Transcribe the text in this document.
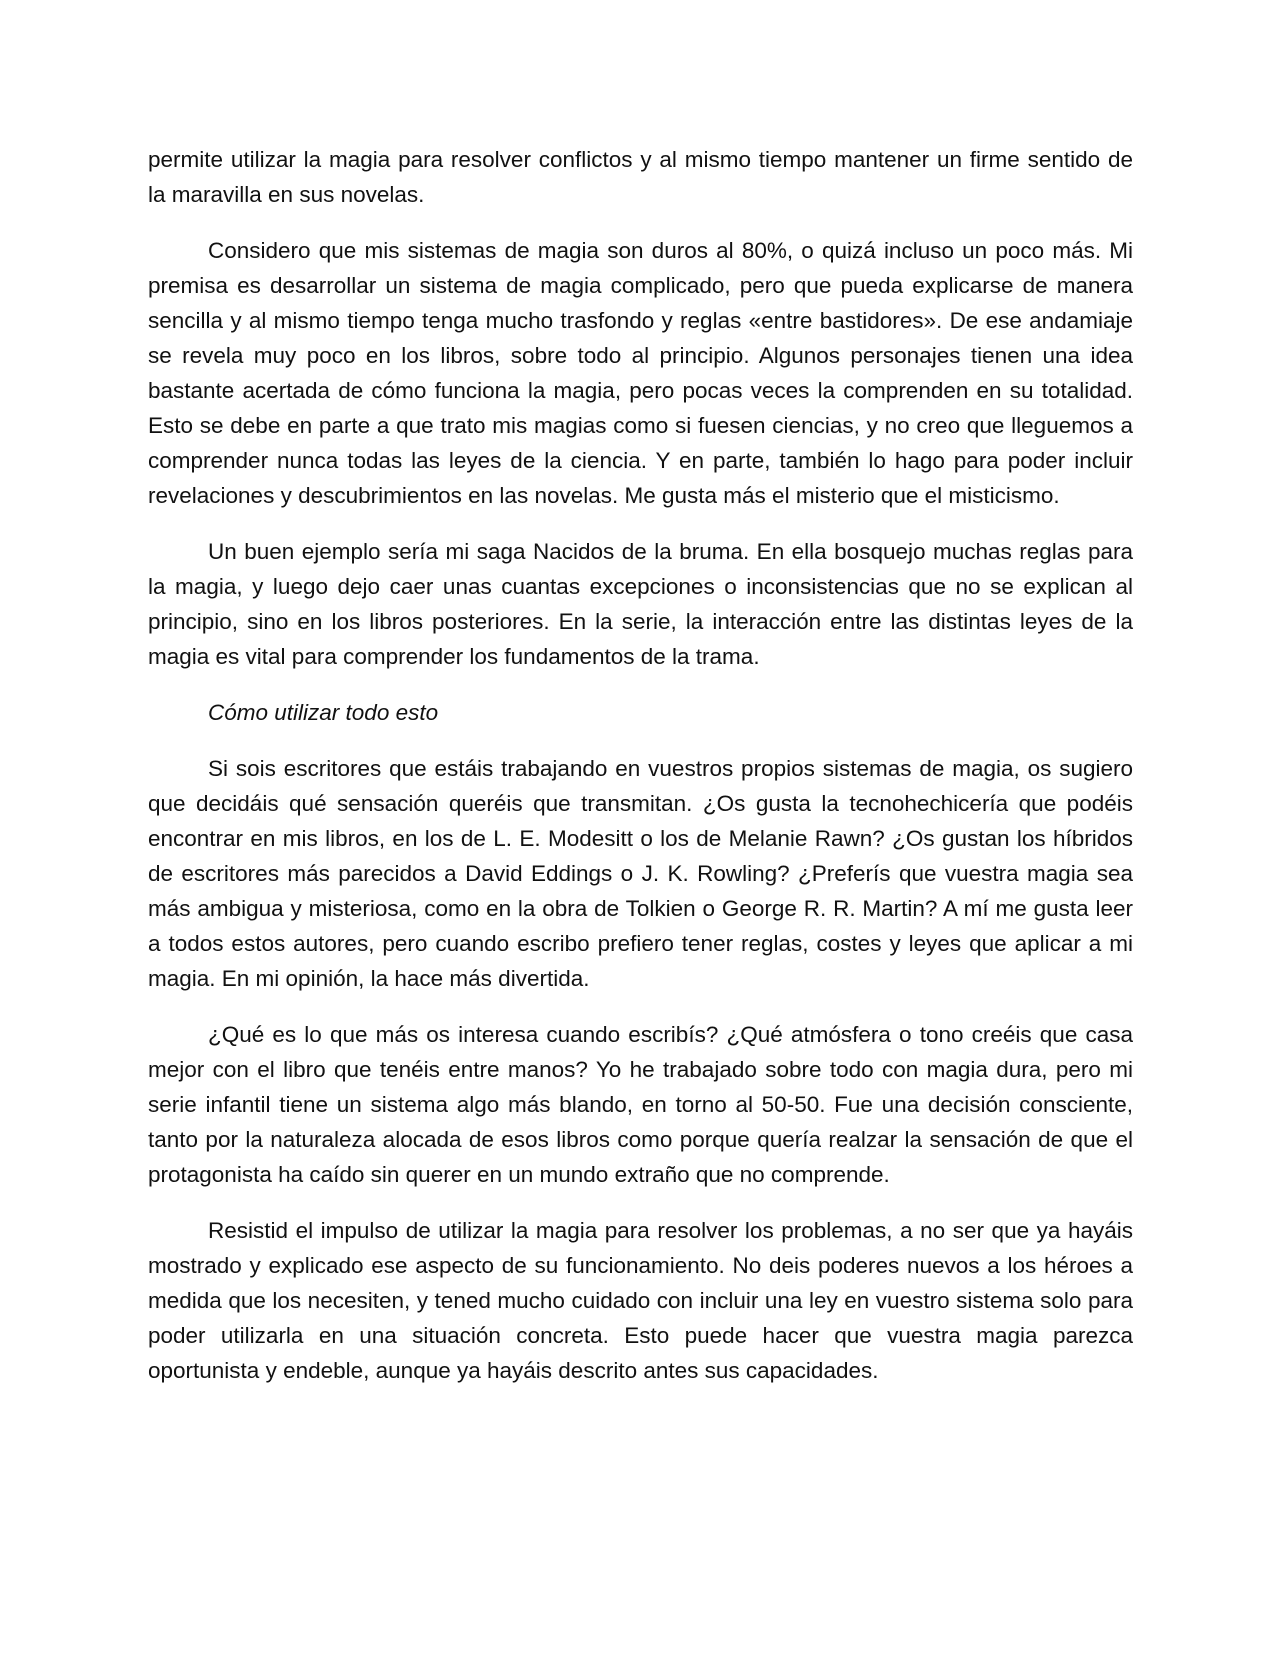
permite utilizar la magia para resolver conflictos y al mismo tiempo mantener un firme sentido de la maravilla en sus novelas.

Considero que mis sistemas de magia son duros al 80%, o quizá incluso un poco más. Mi premisa es desarrollar un sistema de magia complicado, pero que pueda explicarse de manera sencilla y al mismo tiempo tenga mucho trasfondo y reglas «entre bastidores». De ese andamiaje se revela muy poco en los libros, sobre todo al principio. Algunos personajes tienen una idea bastante acertada de cómo funciona la magia, pero pocas veces la comprenden en su totalidad. Esto se debe en parte a que trato mis magias como si fuesen ciencias, y no creo que lleguemos a comprender nunca todas las leyes de la ciencia. Y en parte, también lo hago para poder incluir revelaciones y descubrimientos en las novelas. Me gusta más el misterio que el misticismo.

Un buen ejemplo sería mi saga Nacidos de la bruma. En ella bosquejo muchas reglas para la magia, y luego dejo caer unas cuantas excepciones o inconsistencias que no se explican al principio, sino en los libros posteriores. En la serie, la interacción entre las distintas leyes de la magia es vital para comprender los fundamentos de la trama.

Cómo utilizar todo esto

Si sois escritores que estáis trabajando en vuestros propios sistemas de magia, os sugiero que decidáis qué sensación queréis que transmitan. ¿Os gusta la tecnohechicería que podéis encontrar en mis libros, en los de L. E. Modesitt o los de Melanie Rawn? ¿Os gustan los híbridos de escritores más parecidos a David Eddings o J. K. Rowling? ¿Preferís que vuestra magia sea más ambigua y misteriosa, como en la obra de Tolkien o George R. R. Martin? A mí me gusta leer a todos estos autores, pero cuando escribo prefiero tener reglas, costes y leyes que aplicar a mi magia. En mi opinión, la hace más divertida.

¿Qué es lo que más os interesa cuando escribís? ¿Qué atmósfera o tono creéis que casa mejor con el libro que tenéis entre manos? Yo he trabajado sobre todo con magia dura, pero mi serie infantil tiene un sistema algo más blando, en torno al 50-50. Fue una decisión consciente, tanto por la naturaleza alocada de esos libros como porque quería realzar la sensación de que el protagonista ha caído sin querer en un mundo extraño que no comprende.

Resistid el impulso de utilizar la magia para resolver los problemas, a no ser que ya hayáis mostrado y explicado ese aspecto de su funcionamiento. No deis poderes nuevos a los héroes a medida que los necesiten, y tened mucho cuidado con incluir una ley en vuestro sistema solo para poder utilizarla en una situación concreta. Esto puede hacer que vuestra magia parezca oportunista y endeble, aunque ya hayáis descrito antes sus capacidades.
